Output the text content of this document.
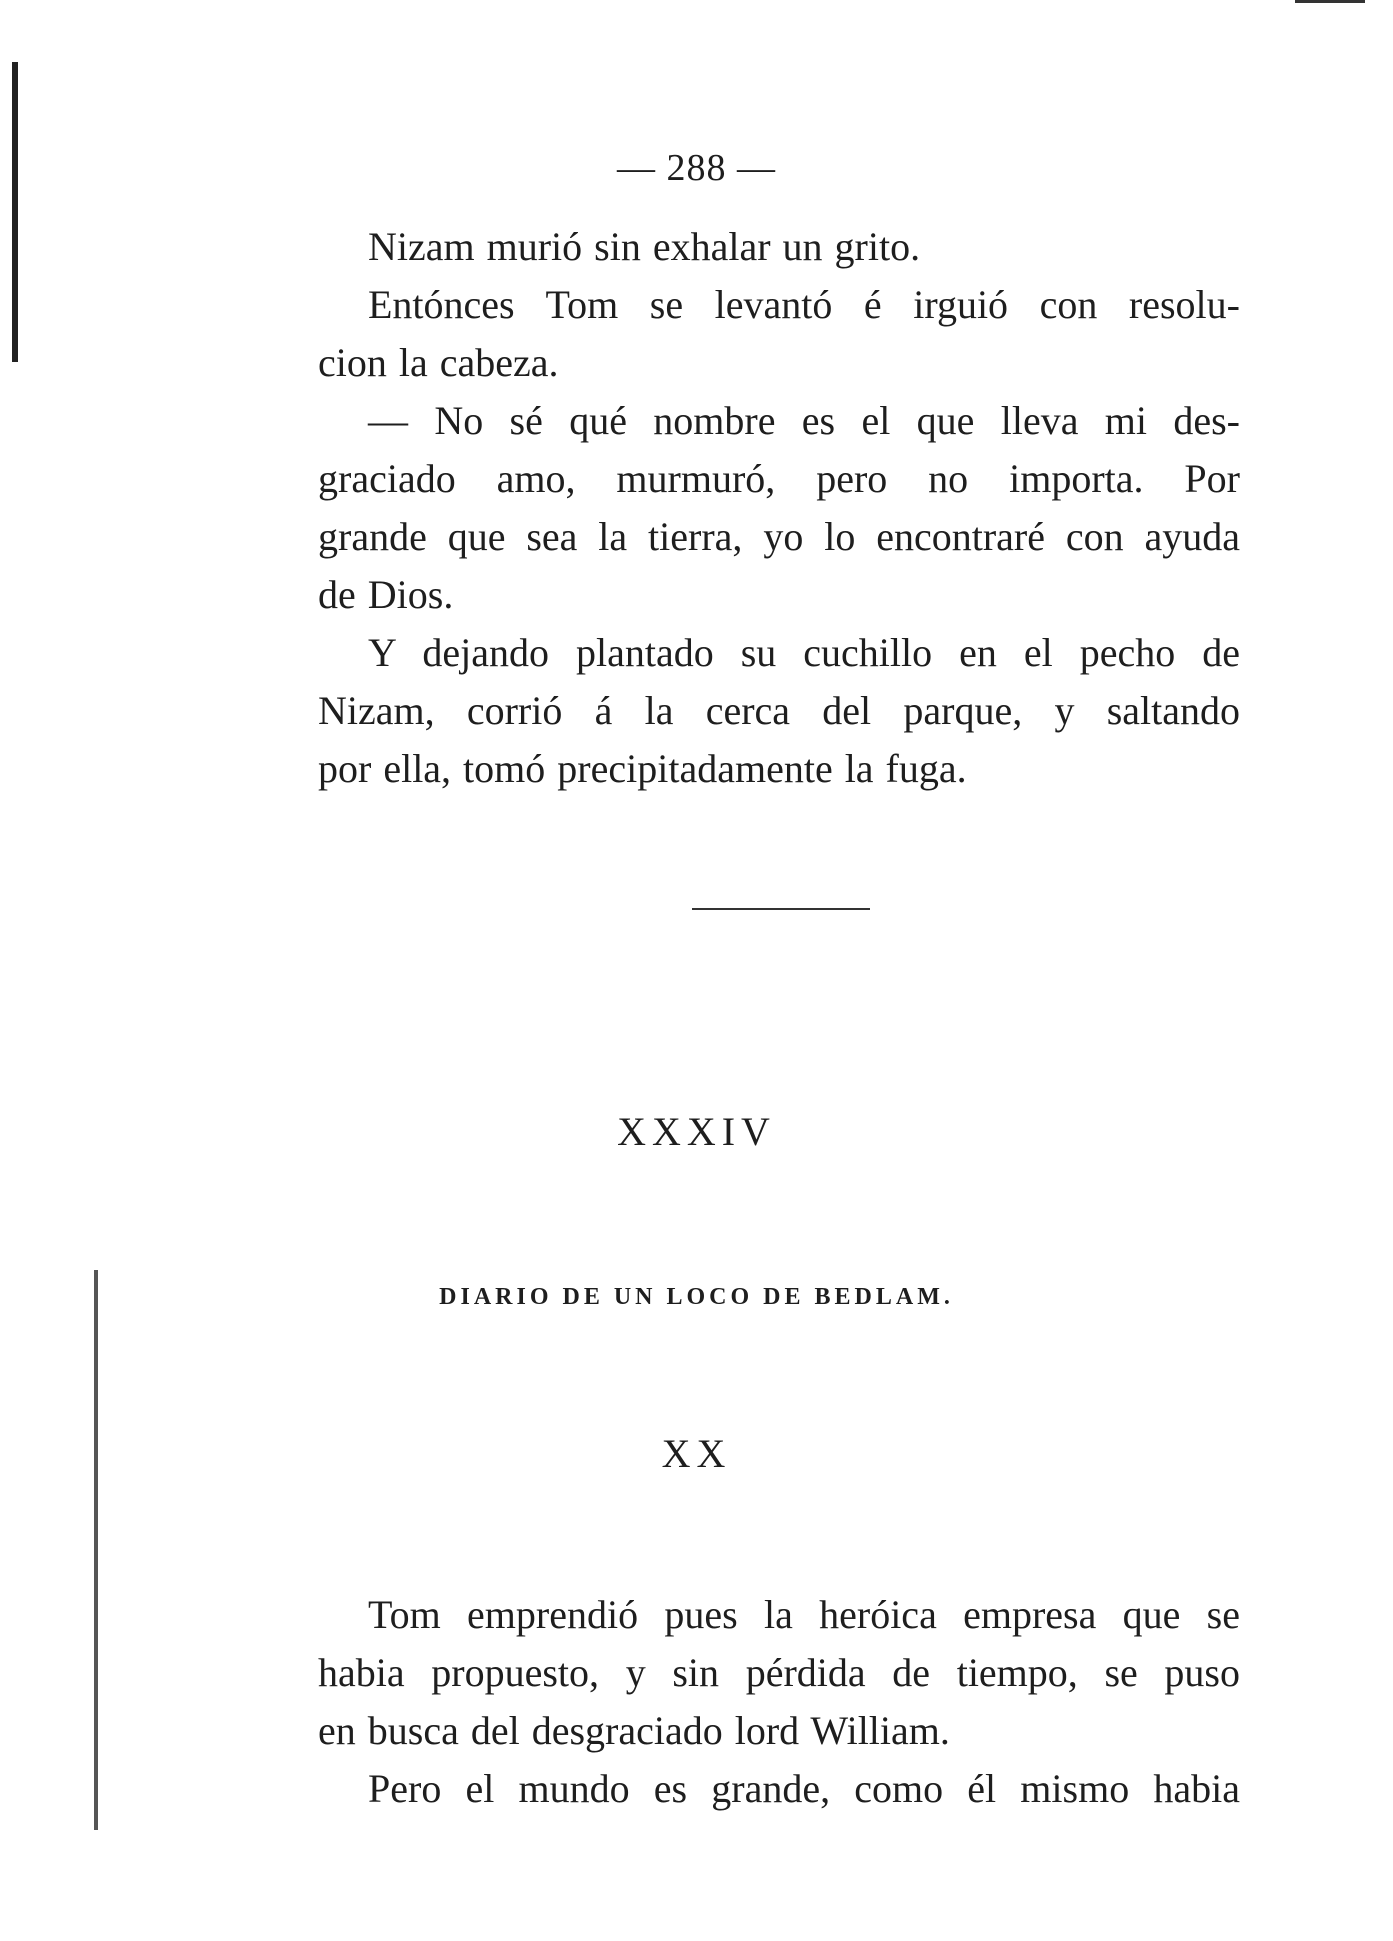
— 288 —

Nizam murió sin exhalar un grito.

Entónces Tom se levantó é irguió con resolu-
cion la cabeza.

— No sé qué nombre es el que lleva mi des-
graciado amo, murmuró, pero no importa. Por
grande que sea la tierra, yo lo encontraré con ayuda
de Dios.

Y dejando plantado su cuchillo en el pecho de
Nizam, corrió á la cerca del parque, y saltando
por ella, tomó precipitadamente la fuga.

XXXIV
DIARIO DE UN LOCO DE BEDLAM.
XX

Tom emprendió pues la heróica empresa que se
habia propuesto, y sin pérdida de tiempo, se puso
en busca del desgraciado lord William.

Pero el mundo es grande, como él mismo habia
